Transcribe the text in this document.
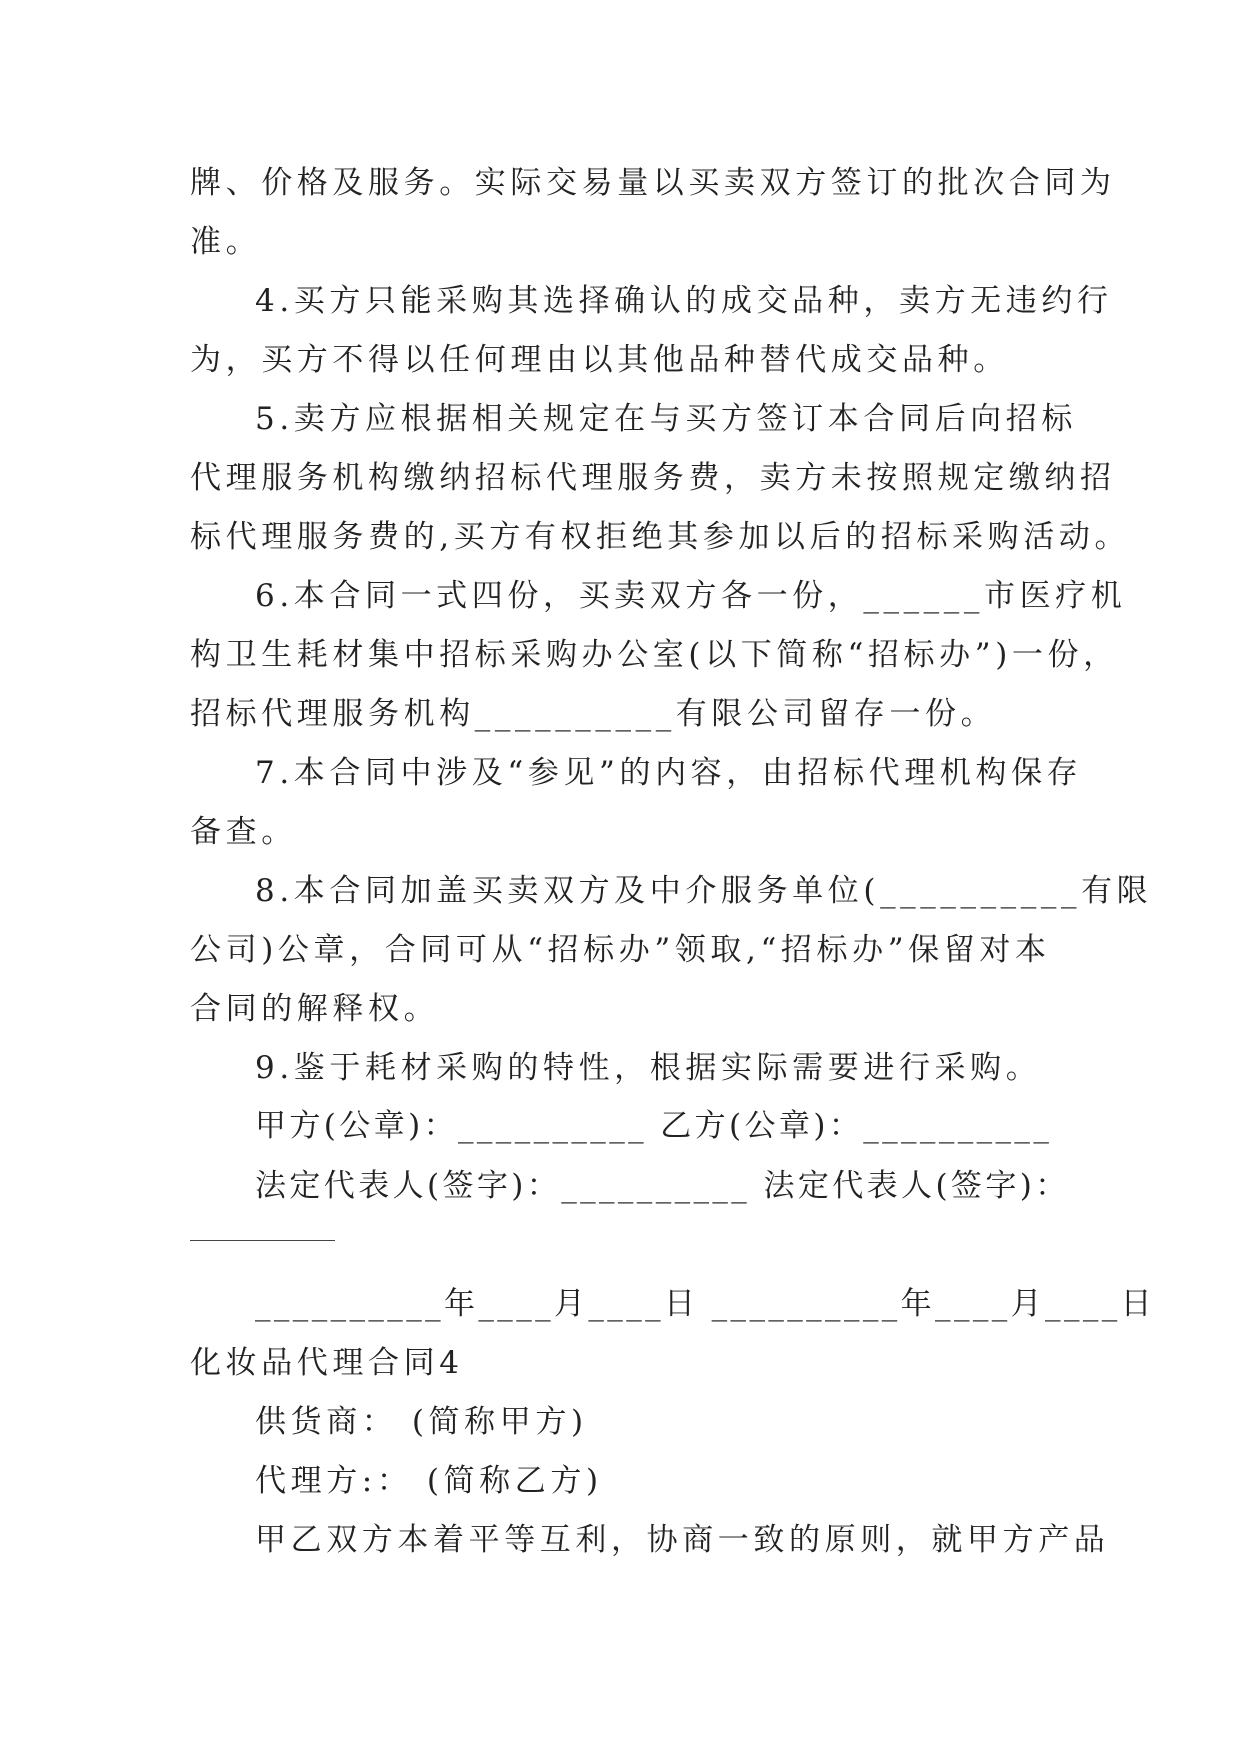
牌、价格及服务。实际交易量以买卖双方签订的批次合同为
准。
4.买方只能采购其选择确认的成交品种，卖方无违约行
为，买方不得以任何理由以其他品种替代成交品种。
5.卖方应根据相关规定在与买方签订本合同后向招标
代理服务机构缴纳招标代理服务费，卖方未按照规定缴纳招
标代理服务费的,买方有权拒绝其参加以后的招标采购活动。
6.本合同一式四份，买卖双方各一份，______市医疗机
构卫生耗材集中招标采购办公室(以下简称“招标办”)一份，
招标代理服务机构__________有限公司留存一份。
7.本合同中涉及“参见”的内容，由招标代理机构保存
备查。
8.本合同加盖买卖双方及中介服务单位(__________有限
公司)公章，合同可从“招标办”领取,“招标办”保留对本
合同的解释权。
9.鉴于耗材采购的特性，根据实际需要进行采购。
甲方(公章)：__________ 乙方(公章)：__________
法定代表人(签字)：__________ 法定代表人(签字)：
__________年____月____日 __________年____月____日
化妆品代理合同4
供货商： (简称甲方)
代理方:： (简称乙方)
甲乙双方本着平等互利，协商一致的原则，就甲方产品
